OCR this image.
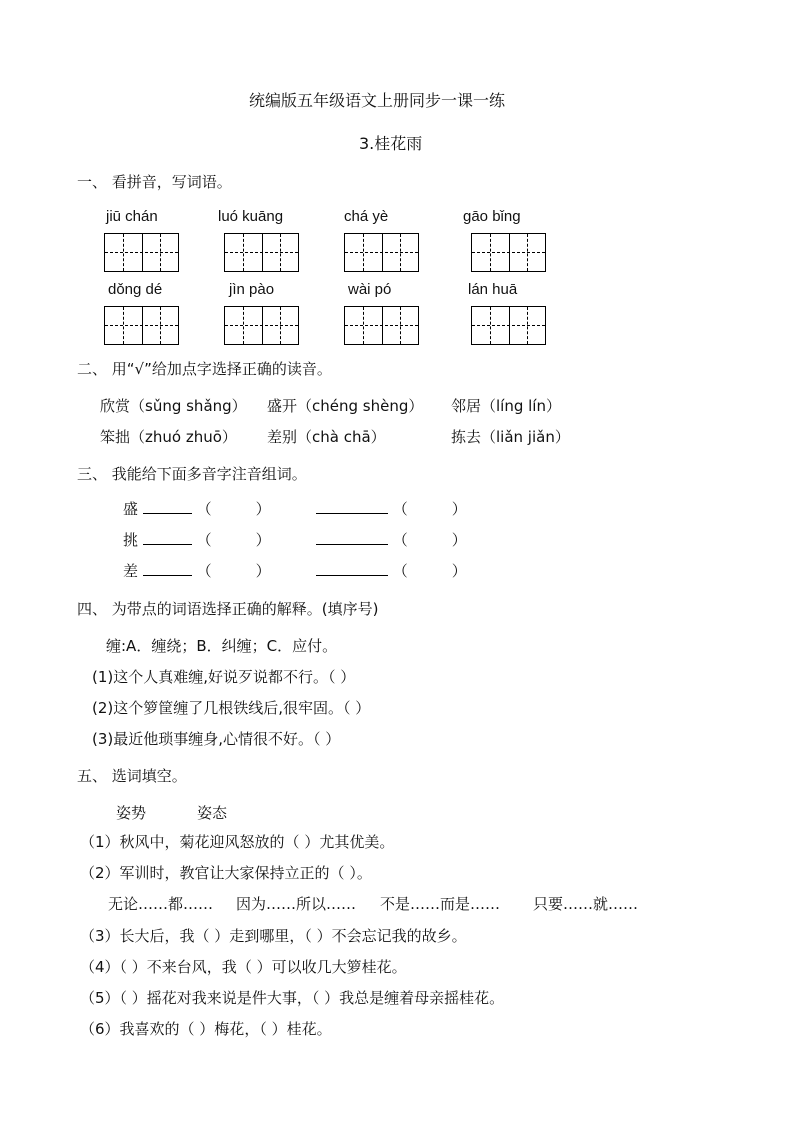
统编版五年级语文上册同步一课一练
3.桂花雨
一、 看拼音，写词语。
jiū chán	luó kuāng	chá yè	gāo bǐng
dǒng dé	jìn pào	wài pó	lán huā
二、 用“√”给加点字选择正确的读音。
欣赏（sǔng shǎng） 盛开（chéng shèng） 邻居（líng lín）
笨拙（zhuó zhuō） 差别（chà chā）	拣去（liǎn jiǎn）
三、 我能给下面多音字注音组词。
盛	（	）	（	）
挑	（	）	（	）
差	（	）	（	）
四、 为带点的词语选择正确的解释。(填序号)
缠:A．缠绕；B．纠缠；C．应付。
(1)这个人真难缠,好说歹说都不行。（ ）
(2)这个箩筐缠了几根铁线后,很牢固。（ ）
(3)最近他琐事缠身,心情很不好。（ ）
五、 选词填空。
姿势	姿态
（1）秋风中，菊花迎风怒放的（ ）尤其优美。
（2）军训时，教官让大家保持立正的（ ）。
无论……都…… 因为……所以…… 不是……而是…… 只要……就……
（3）长大后，我（ ）走到哪里，（ ）不会忘记我的故乡。
（4）（ ）不来台风，我（ ）可以收几大箩桂花。
（5）（ ）摇花对我来说是件大事，（ ）我总是缠着母亲摇桂花。
（6）我喜欢的（ ）梅花，（ ）桂花。
